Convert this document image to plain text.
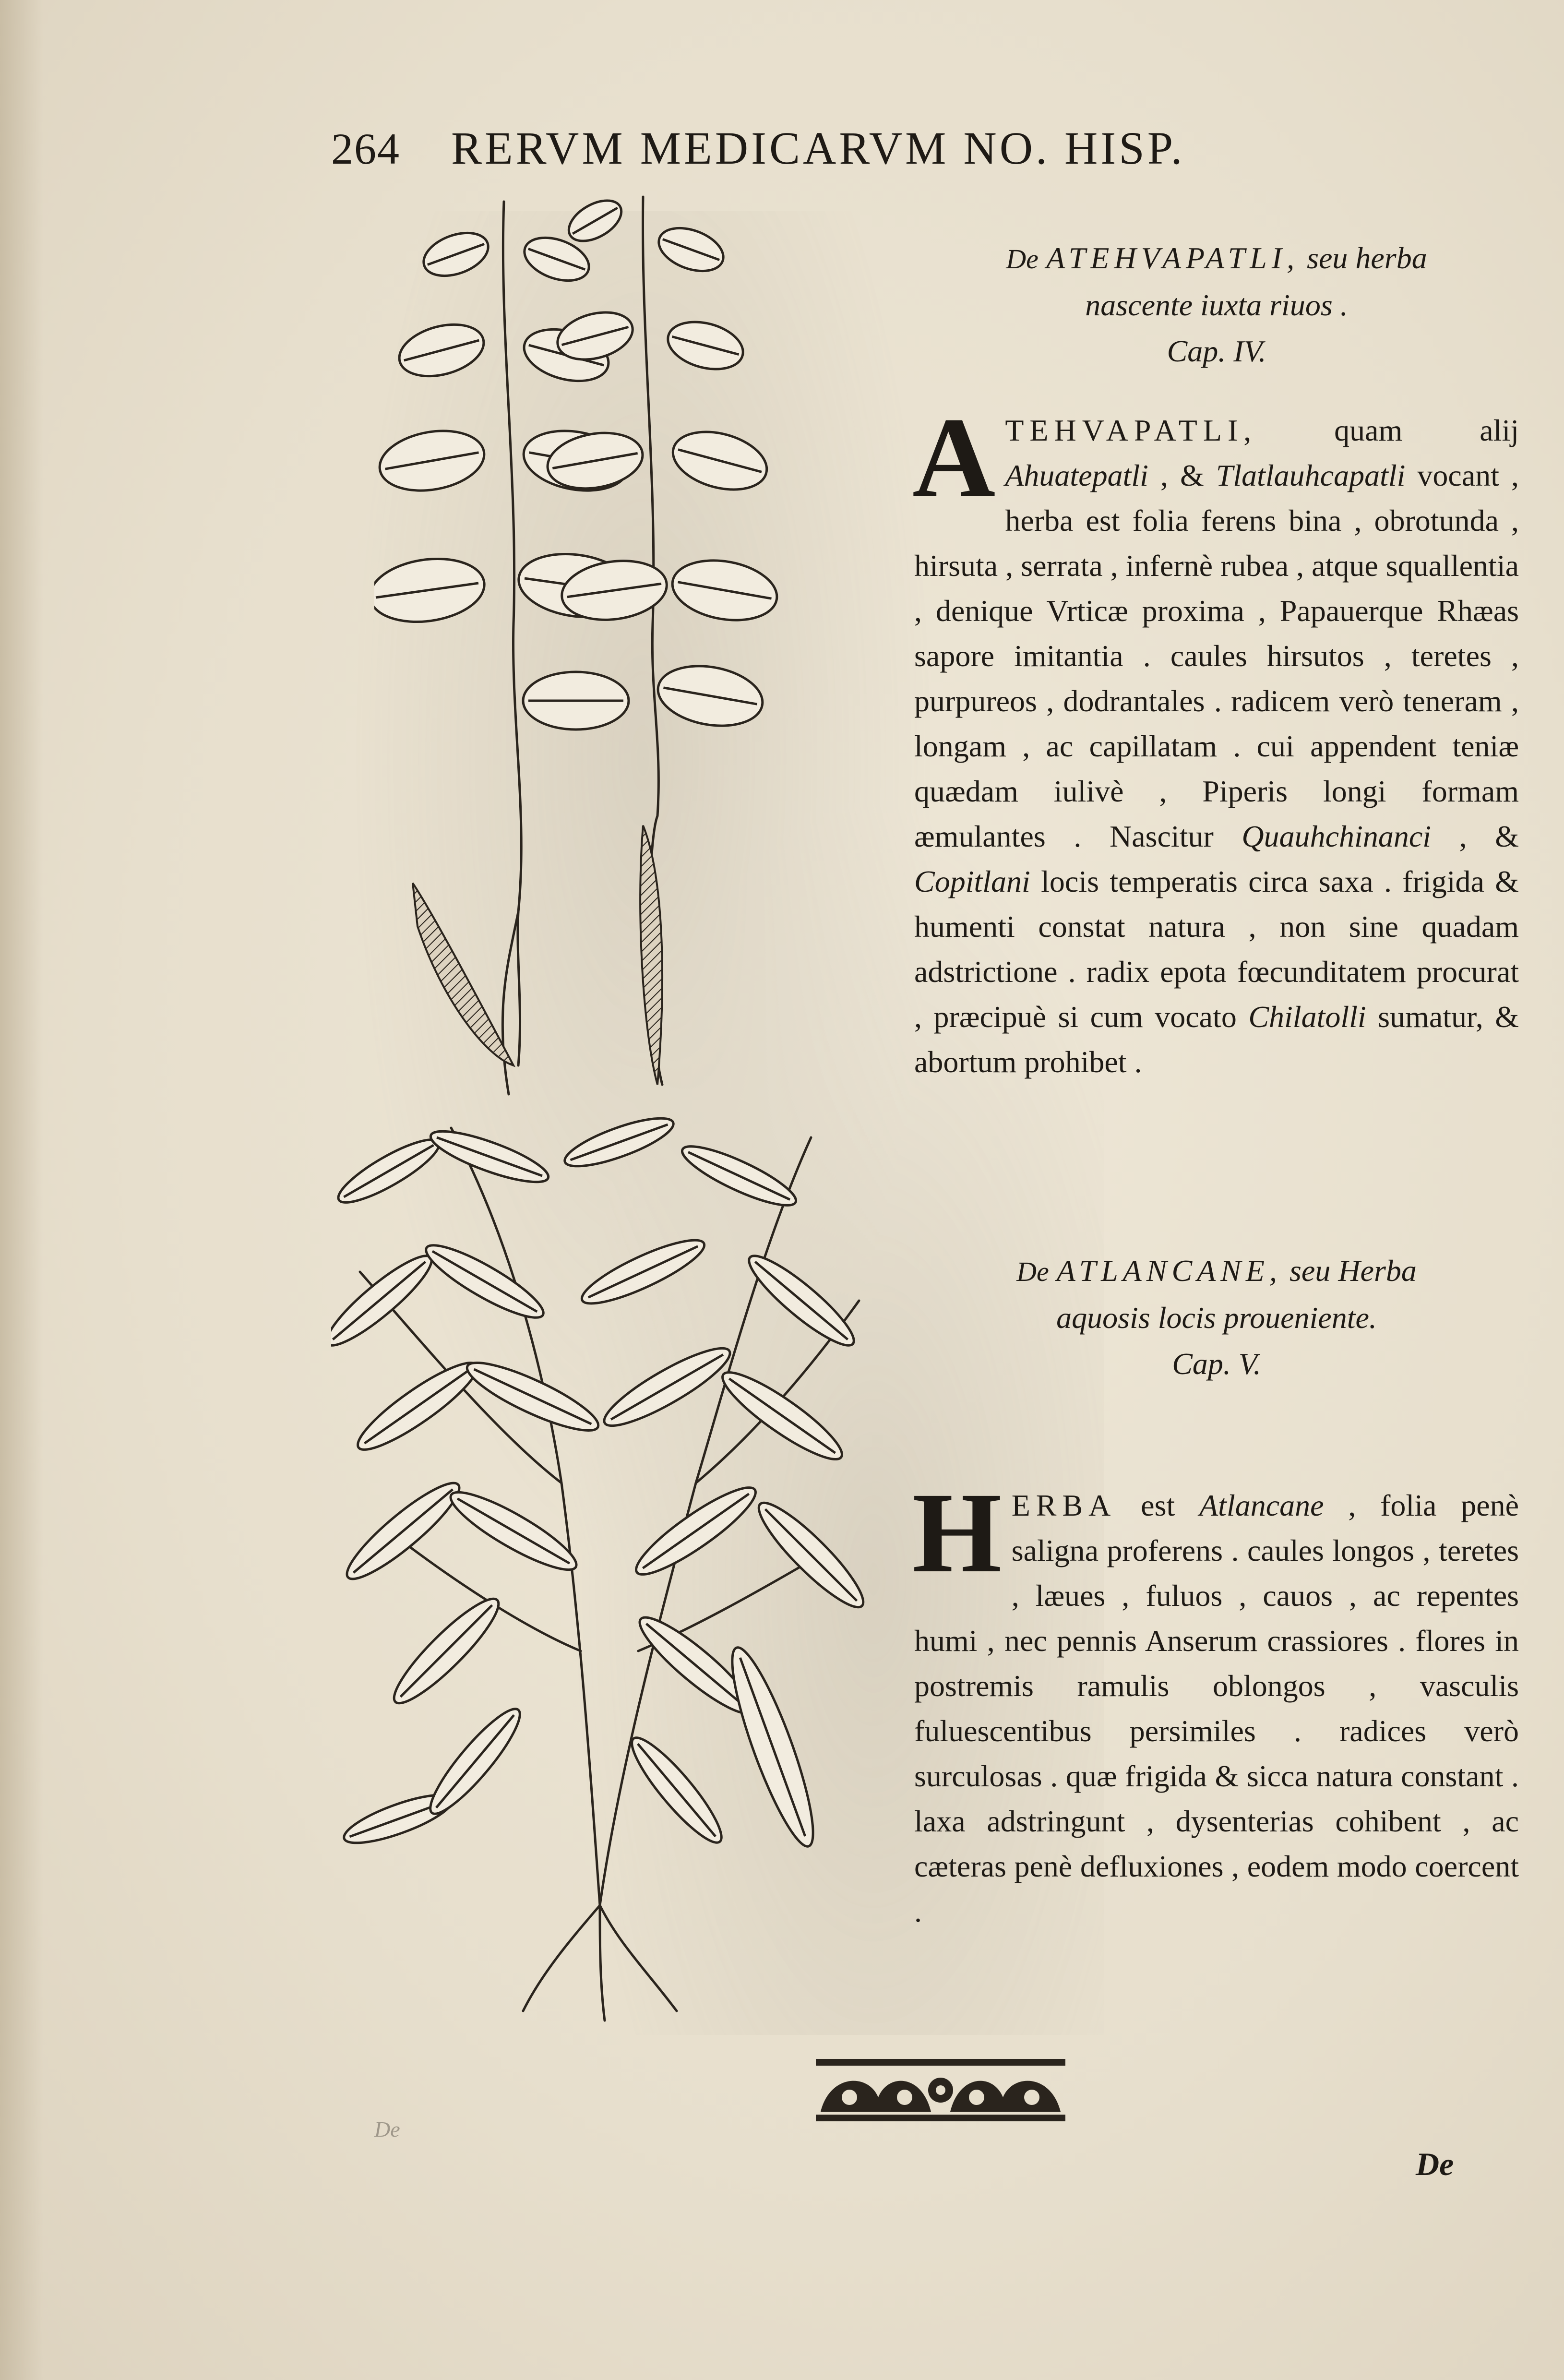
264 RERVM MEDICARVM NO. HISP.
De ATEHVAPATLI, seu herba
nascente iuxta riuos .
Cap. IV.
A TEHVAPATLI, quam alij Ahuatepatli , & Tlatlauhcapatli vocant , herba est folia ferens bina , obrotunda , hirsuta , serrata , infernè rubea , atque squallentia , denique Vrticæ proxima , Papauerque Rhæas sapore imitantia . caules hirsutos , teretes , purpureos , dodrantales . radicem verò teneram , longam , ac capillatam . cui appendent teniæ quædam iulivè , Piperis longi formam æmulantes . Nascitur Quauhchinanci , & Copitlani locis temperatis circa saxa . frigida & humenti constat natura , non sine quadam adstrictione . radix epota fœcunditatem procurat , præcipuè si cum vocato Chilatolli sumatur, & abortum prohibet .
De ATLANCANE, seu Herba
aquosis locis prouenientе.
Cap. V.
H ERBA est Atlancane , folia penè saligna proferens . caules longos , teretes , læues , fuluos , cauos , ac repentes humi , nec pennis Anserum crassiores . flores in postremis ramulis oblongos , vasculis fuluescentibus persimiles . radices verò surculosas . quæ frigida & sicca natura constant . laxa adstringunt , dysenterias cohibent , ac cæteras penè defluxiones , eodem modo coercent .
De
De
